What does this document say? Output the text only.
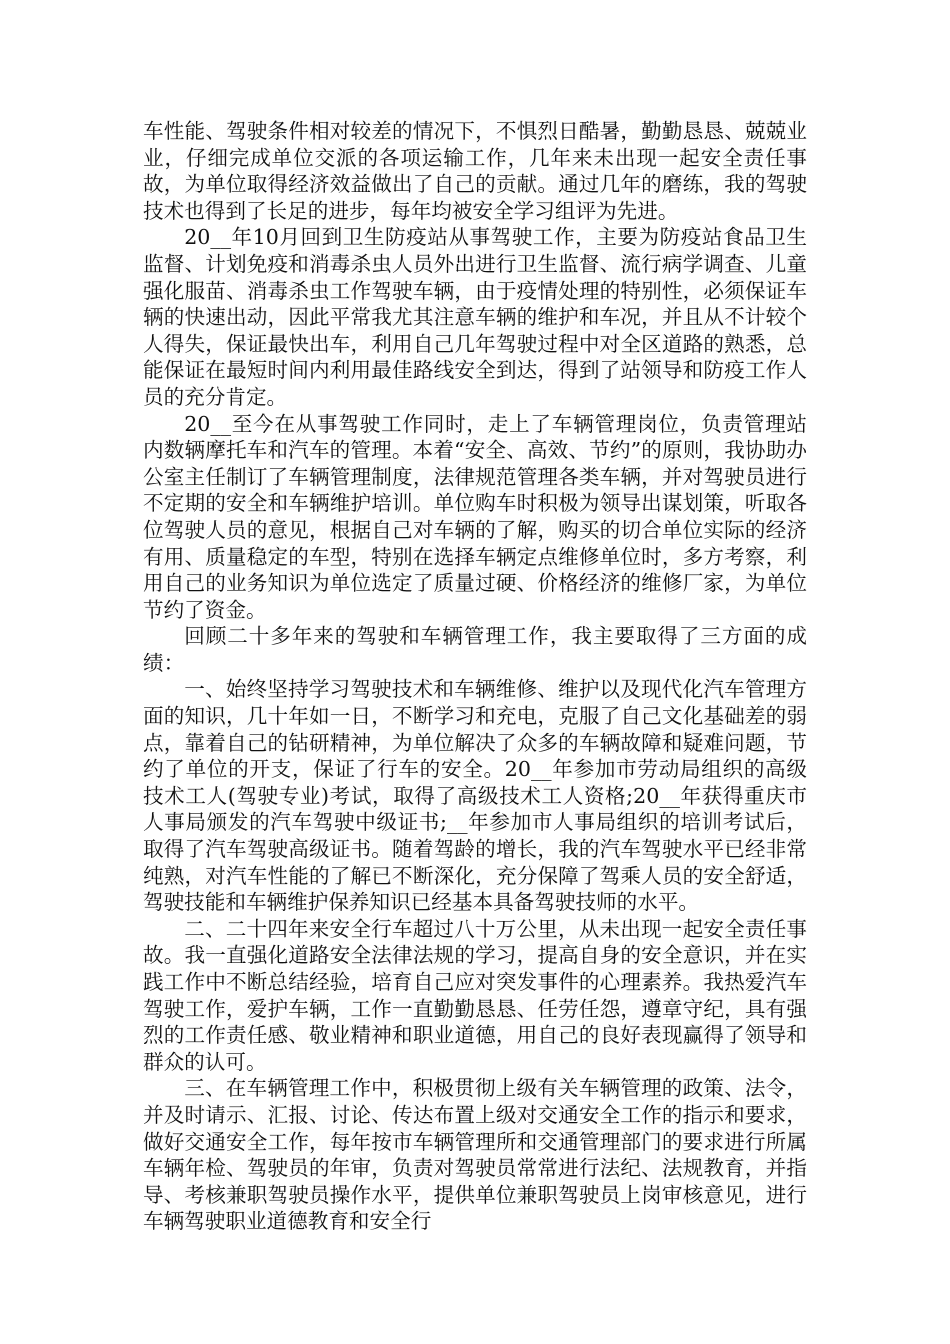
车性能、驾驶条件相对较差的情况下，不惧烈日酷暑，勤勤恳恳、兢兢业业，仔细完成单位交派的各项运输工作，几年来未出现一起安全责任事故，为单位取得经济效益做出了自己的贡献。通过几年的磨练，我的驾驶技术也得到了长足的进步，每年均被安全学习组评为先进。

20__年10月回到卫生防疫站从事驾驶工作，主要为防疫站食品卫生监督、计划免疫和消毒杀虫人员外出进行卫生监督、流行病学调查、儿童强化服苗、消毒杀虫工作驾驶车辆，由于疫情处理的特别性，必须保证车辆的快速出动，因此平常我尤其注意车辆的维护和车况，并且从不计较个人得失，保证最快出车，利用自己几年驾驶过程中对全区道路的熟悉，总能保证在最短时间内利用最佳路线安全到达，得到了站领导和防疫工作人员的充分肯定。

20__至今在从事驾驶工作同时，走上了车辆管理岗位，负责管理站内数辆摩托车和汽车的管理。本着“安全、高效、节约”的原则，我协助办公室主任制订了车辆管理制度，法律规范管理各类车辆，并对驾驶员进行不定期的安全和车辆维护培训。单位购车时积极为领导出谋划策，听取各位驾驶人员的意见，根据自己对车辆的了解，购买的切合单位实际的经济有用、质量稳定的车型，特别在选择车辆定点维修单位时，多方考察，利用自己的业务知识为单位选定了质量过硬、价格经济的维修厂家，为单位节约了资金。

回顾二十多年来的驾驶和车辆管理工作，我主要取得了三方面的成绩：

一、始终坚持学习驾驶技术和车辆维修、维护以及现代化汽车管理方面的知识，几十年如一日，不断学习和充电，克服了自己文化基础差的弱点，靠着自己的钻研精神，为单位解决了众多的车辆故障和疑难问题，节约了单位的开支，保证了行车的安全。20__年参加市劳动局组织的高级技术工人(驾驶专业)考试，取得了高级技术工人资格;20__年获得重庆市人事局颁发的汽车驾驶中级证书;__年参加市人事局组织的培训考试后，取得了汽车驾驶高级证书。随着驾龄的增长，我的汽车驾驶水平已经非常纯熟，对汽车性能的了解已不断深化，充分保障了驾乘人员的安全舒适，驾驶技能和车辆维护保养知识已经基本具备驾驶技师的水平。

二、二十四年来安全行车超过八十万公里，从未出现一起安全责任事故。我一直强化道路安全法律法规的学习，提高自身的安全意识，并在实践工作中不断总结经验，培育自己应对突发事件的心理素养。我热爱汽车驾驶工作，爱护车辆，工作一直勤勤恳恳、任劳任怨，遵章守纪，具有强烈的工作责任感、敬业精神和职业道德，用自己的良好表现赢得了领导和群众的认可。

三、在车辆管理工作中，积极贯彻上级有关车辆管理的政策、法令，并及时请示、汇报、讨论、传达布置上级对交通安全工作的指示和要求，做好交通安全工作，每年按市车辆管理所和交通管理部门的要求进行所属车辆年检、驾驶员的年审，负责对驾驶员常常进行法纪、法规教育，并指导、考核兼职驾驶员操作水平，提供单位兼职驾驶员上岗审核意见，进行车辆驾驶职业道德教育和安全行
